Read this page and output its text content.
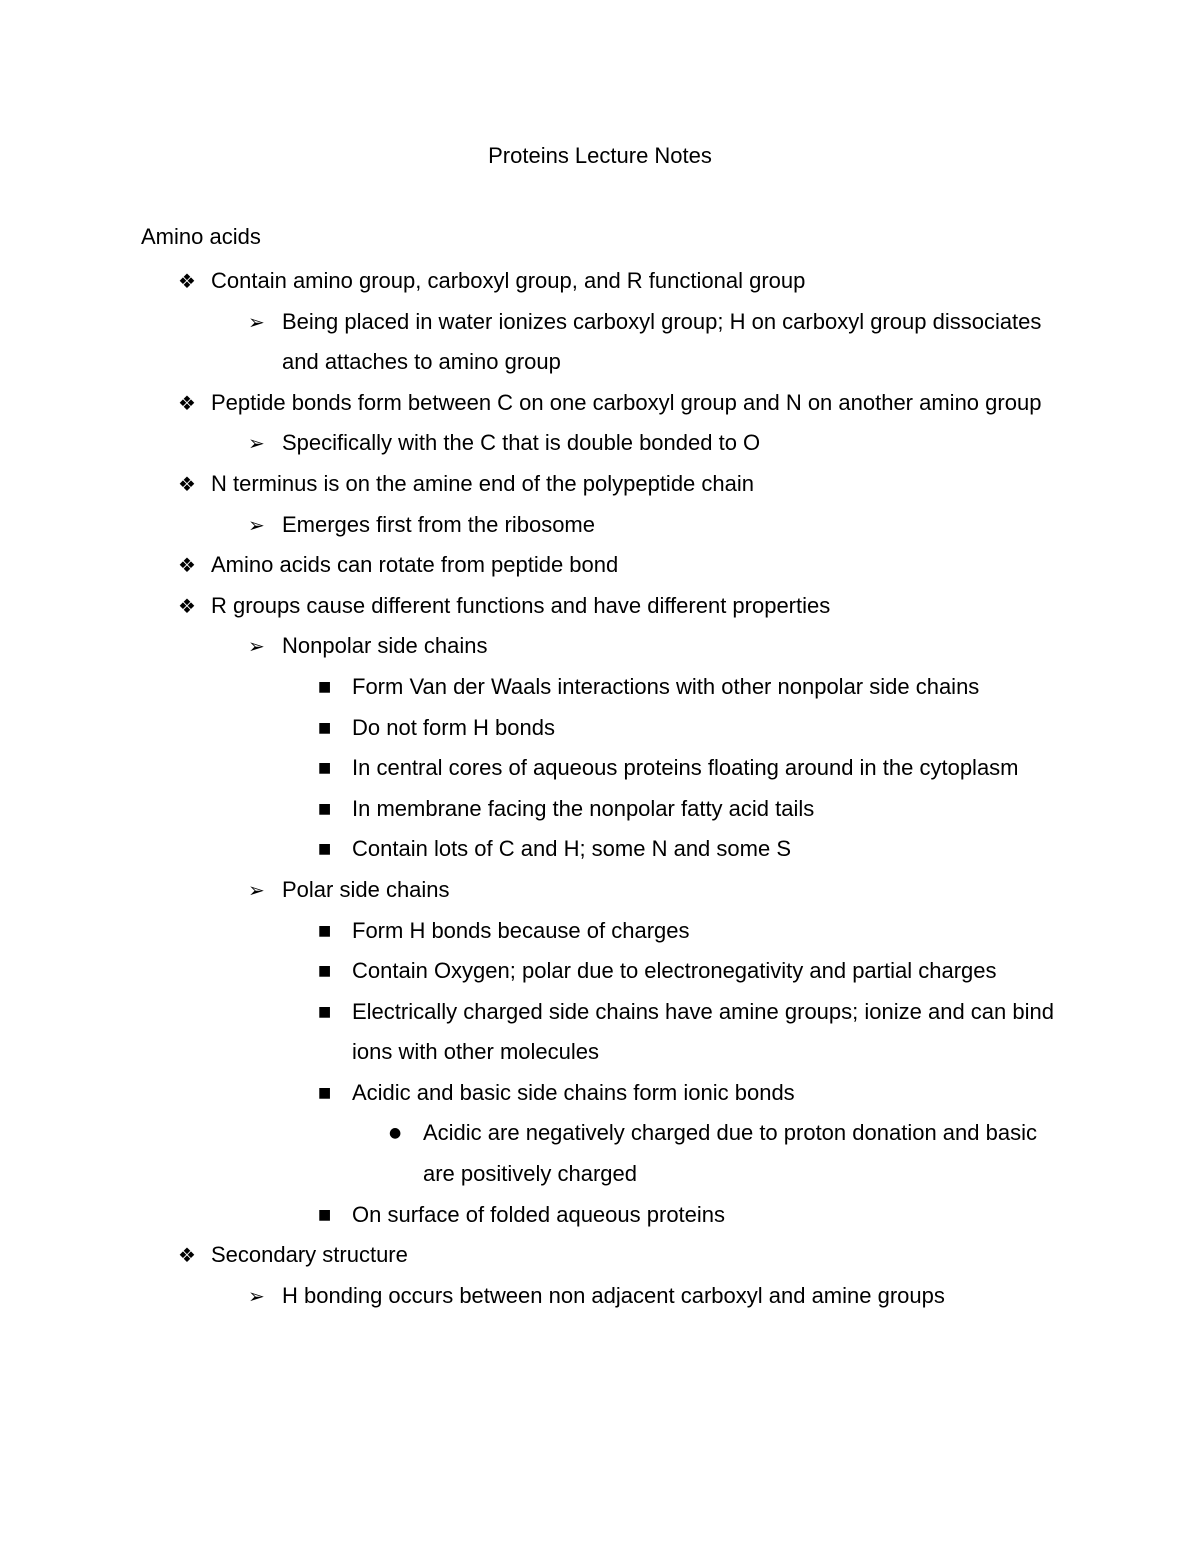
Proteins Lecture Notes
Amino acids
❖ Contain amino group, carboxyl group, and R functional group
➢ Being placed in water ionizes carboxyl group; H on carboxyl group dissociates and attaches to amino group
❖ Peptide bonds form between C on one carboxyl group and N on another amino group
➢ Specifically with the C that is double bonded to O
❖ N terminus is on the amine end of the polypeptide chain
➢ Emerges first from the ribosome
❖ Amino acids can rotate from peptide bond
❖ R groups cause different functions and have different properties
➢ Nonpolar side chains
■ Form Van der Waals interactions with other nonpolar side chains
■ Do not form H bonds
■ In central cores of aqueous proteins floating around in the cytoplasm
■ In membrane facing the nonpolar fatty acid tails
■ Contain lots of C and H; some N and some S
➢ Polar side chains
■ Form H bonds because of charges
■ Contain Oxygen; polar due to electronegativity and partial charges
■ Electrically charged side chains have amine groups; ionize and can bind ions with other molecules
■ Acidic and basic side chains form ionic bonds
● Acidic are negatively charged due to proton donation and basic are positively charged
■ On surface of folded aqueous proteins
❖ Secondary structure
➢ H bonding occurs between non adjacent carboxyl and amine groups
